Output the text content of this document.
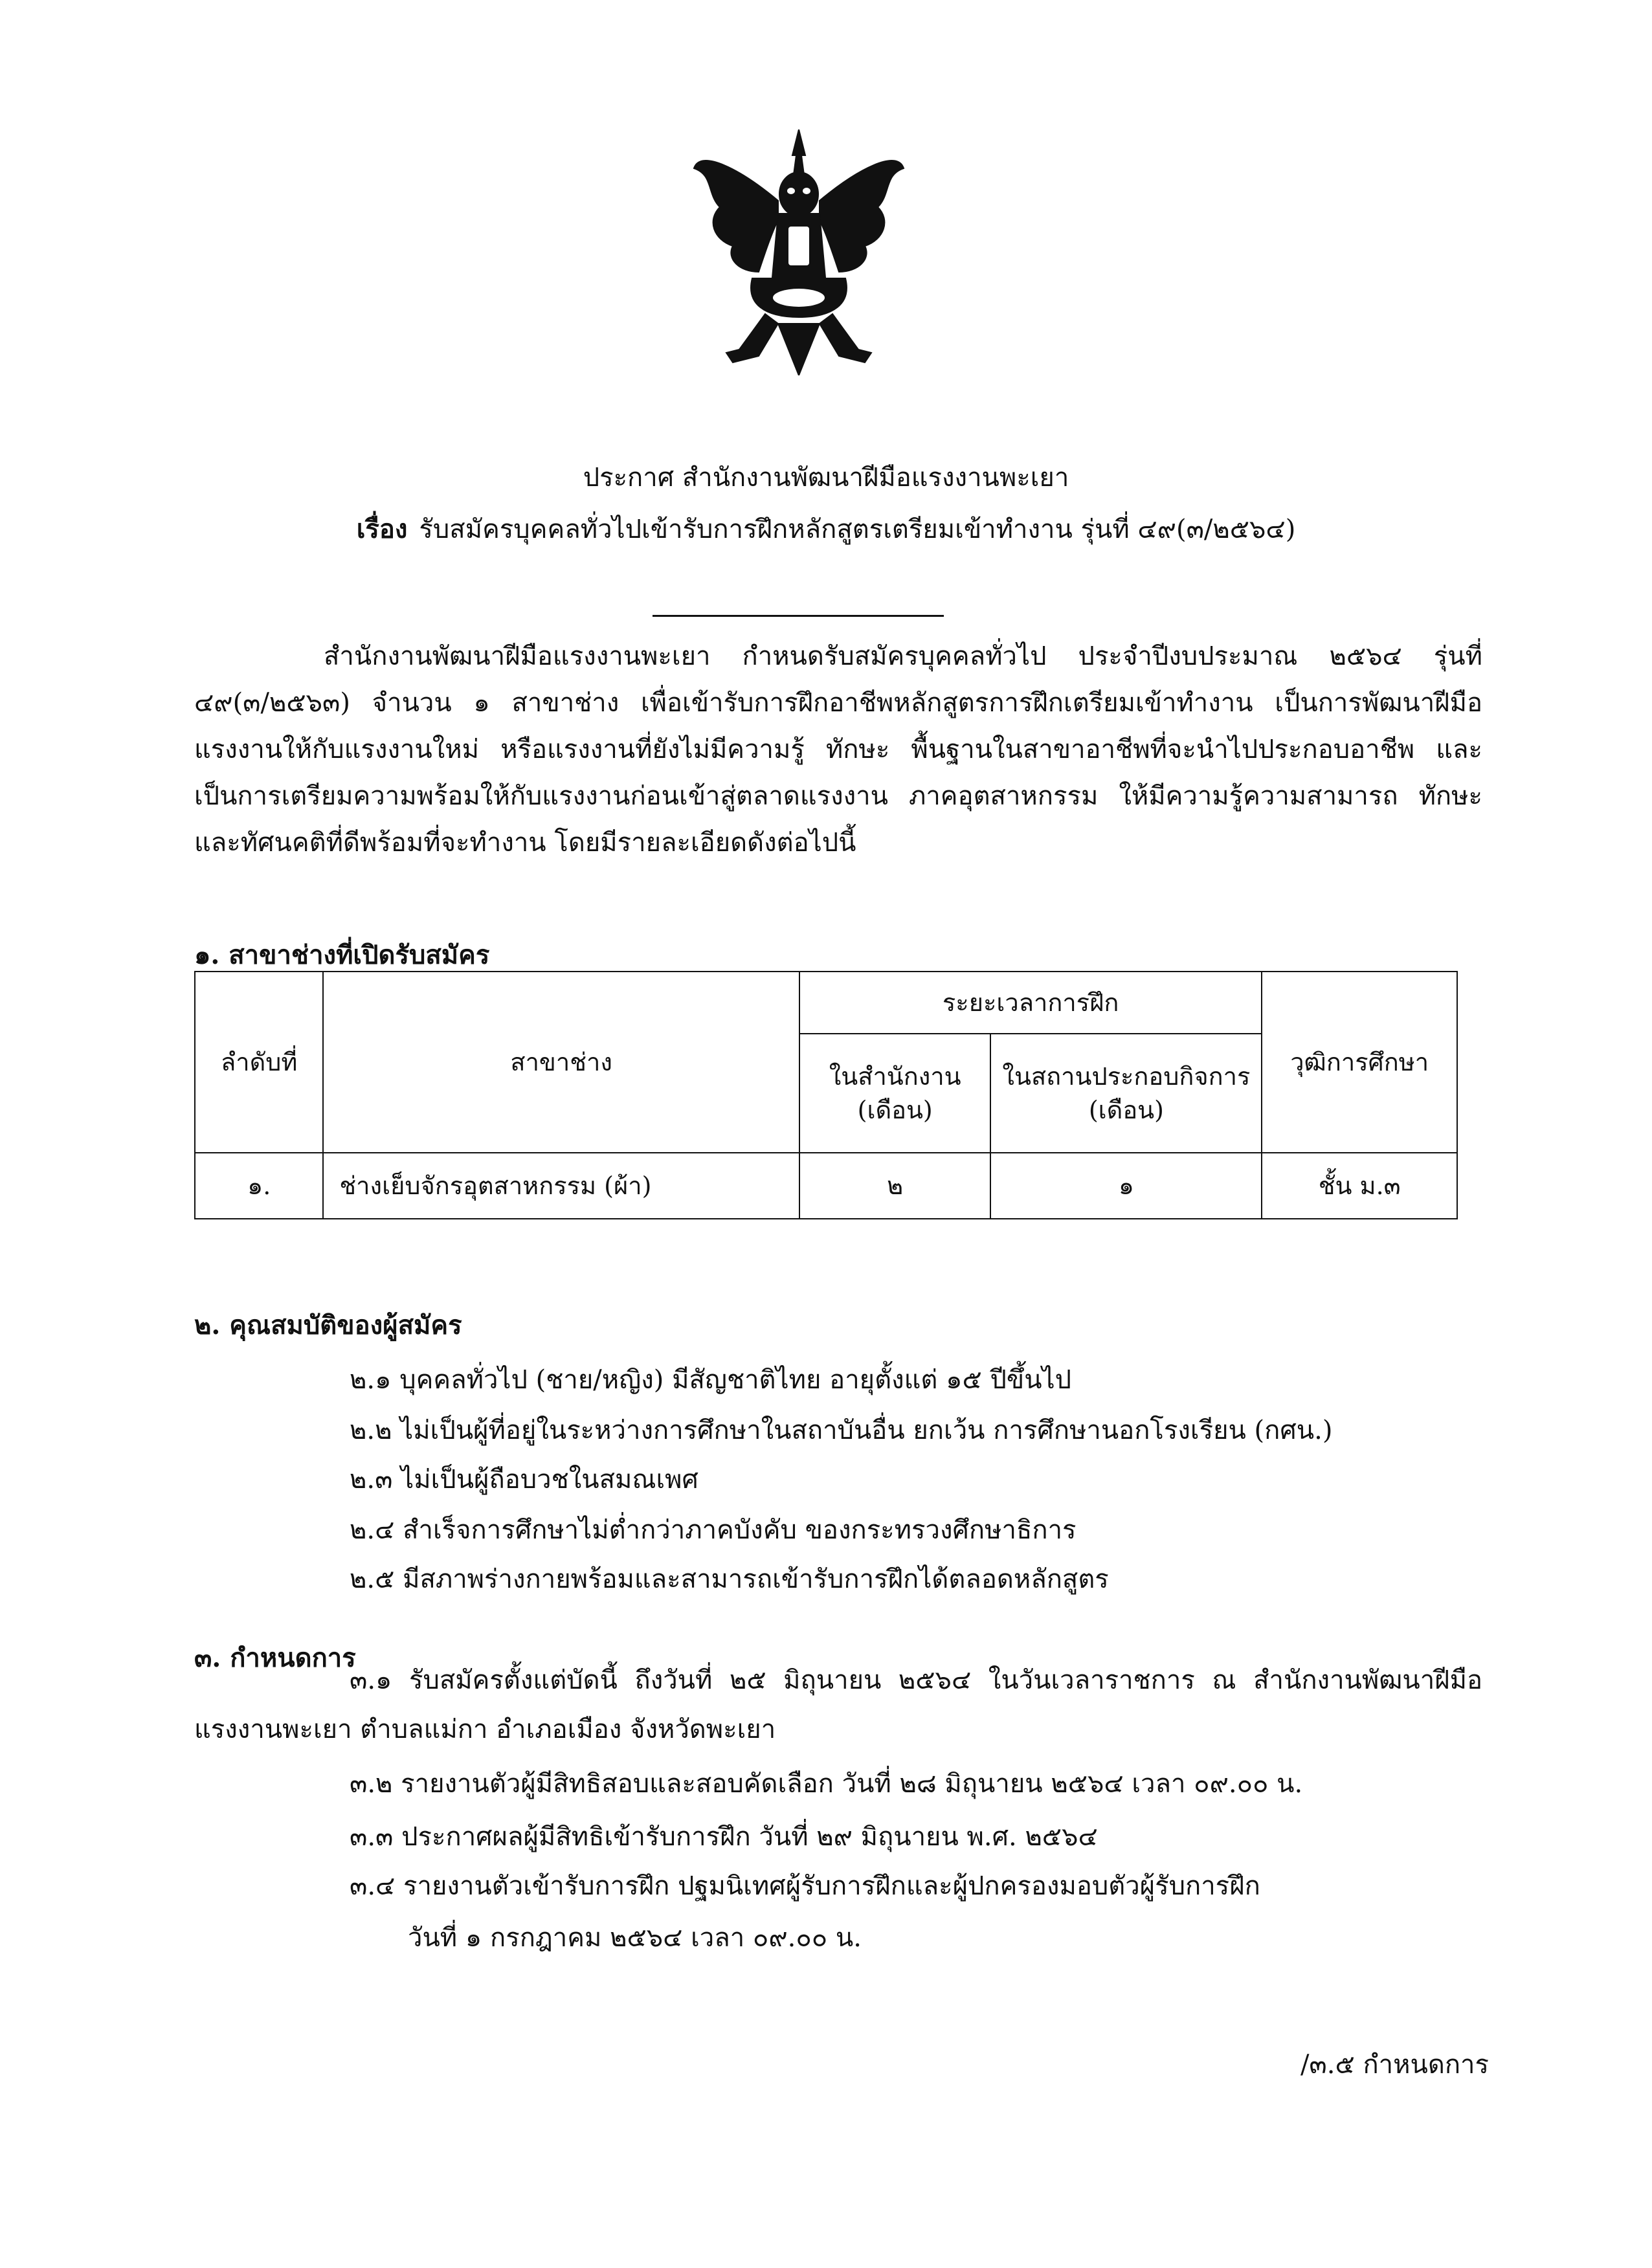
ประกาศ สำนักงานพัฒนาฝีมือแรงงานพะเยา
เรื่อง รับสมัครบุคคลทั่วไปเข้ารับการฝึกหลักสูตรเตรียมเข้าทำงาน รุ่นที่ ๔๙(๓/๒๕๖๔)

สำนักงานพัฒนาฝีมือแรงงานพะเยา กำหนดรับสมัครบุคคลทั่วไป ประจำปีงบประมาณ ๒๕๖๔ รุ่นที่ ๔๙(๓/๒๕๖๓) จำนวน ๑ สาขาช่าง เพื่อเข้ารับการฝึกอาชีพหลักสูตรการฝึกเตรียมเข้าทำงาน เป็นการพัฒนาฝีมือแรงงานให้กับแรงงานใหม่ หรือแรงงานที่ยังไม่มีความรู้ ทักษะ พื้นฐานในสาขาอาชีพที่จะนำไปประกอบอาชีพ และเป็นการเตรียมความพร้อมให้กับแรงงานก่อนเข้าสู่ตลาดแรงงาน ภาคอุตสาหกรรม ให้มีความรู้ความสามารถ ทักษะและทัศนคติที่ดีพร้อมที่จะทำงาน โดยมีรายละเอียดดังต่อไปนี้

๑. สาขาช่างที่เปิดรับสมัคร
ลำดับที่	สาขาช่าง	ระยะเวลาการฝึก		วุฒิการศึกษา
		ในสำนักงาน (เดือน)	ในสถานประกอบกิจการ (เดือน)	
๑.	ช่างเย็บจักรอุตสาหกรรม (ผ้า)	๒	๑	ชั้น ม.๓
๒. คุณสมบัติของผู้สมัคร
๒.๑ บุคคลทั่วไป (ชาย/หญิง) มีสัญชาติไทย อายุตั้งแต่ ๑๕ ปีขึ้นไป
๒.๒ ไม่เป็นผู้ที่อยู่ในระหว่างการศึกษาในสถาบันอื่น ยกเว้น การศึกษานอกโรงเรียน (กศน.)
๒.๓ ไม่เป็นผู้ถือบวชในสมณเพศ
๒.๔ สำเร็จการศึกษาไม่ต่ำกว่าภาคบังคับ ของกระทรวงศึกษาธิการ
๒.๕ มีสภาพร่างกายพร้อมและสามารถเข้ารับการฝึกได้ตลอดหลักสูตร
๓. กำหนดการ

๓.๑ รับสมัครตั้งแต่บัดนี้ ถึงวันที่ ๒๕ มิถุนายน ๒๕๖๔ ในวันเวลาราชการ ณ สำนักงานพัฒนาฝีมือแรงงานพะเยา ตำบลแม่กา อำเภอเมือง จังหวัดพะเยา

๓.๒ รายงานตัวผู้มีสิทธิสอบและสอบคัดเลือก วันที่ ๒๘ มิถุนายน ๒๕๖๔ เวลา ๐๙.๐๐ น.

๓.๓ ประกาศผลผู้มีสิทธิเข้ารับการฝึก วันที่ ๒๙ มิถุนายน พ.ศ. ๒๕๖๔

๓.๔ รายงานตัวเข้ารับการฝึก ปฐมนิเทศผู้รับการฝึกและผู้ปกครองมอบตัวผู้รับการฝึก
วันที่ ๑ กรกฎาคม ๒๕๖๔ เวลา ๐๙.๐๐ น.

/๓.๕ กำหนดการ
